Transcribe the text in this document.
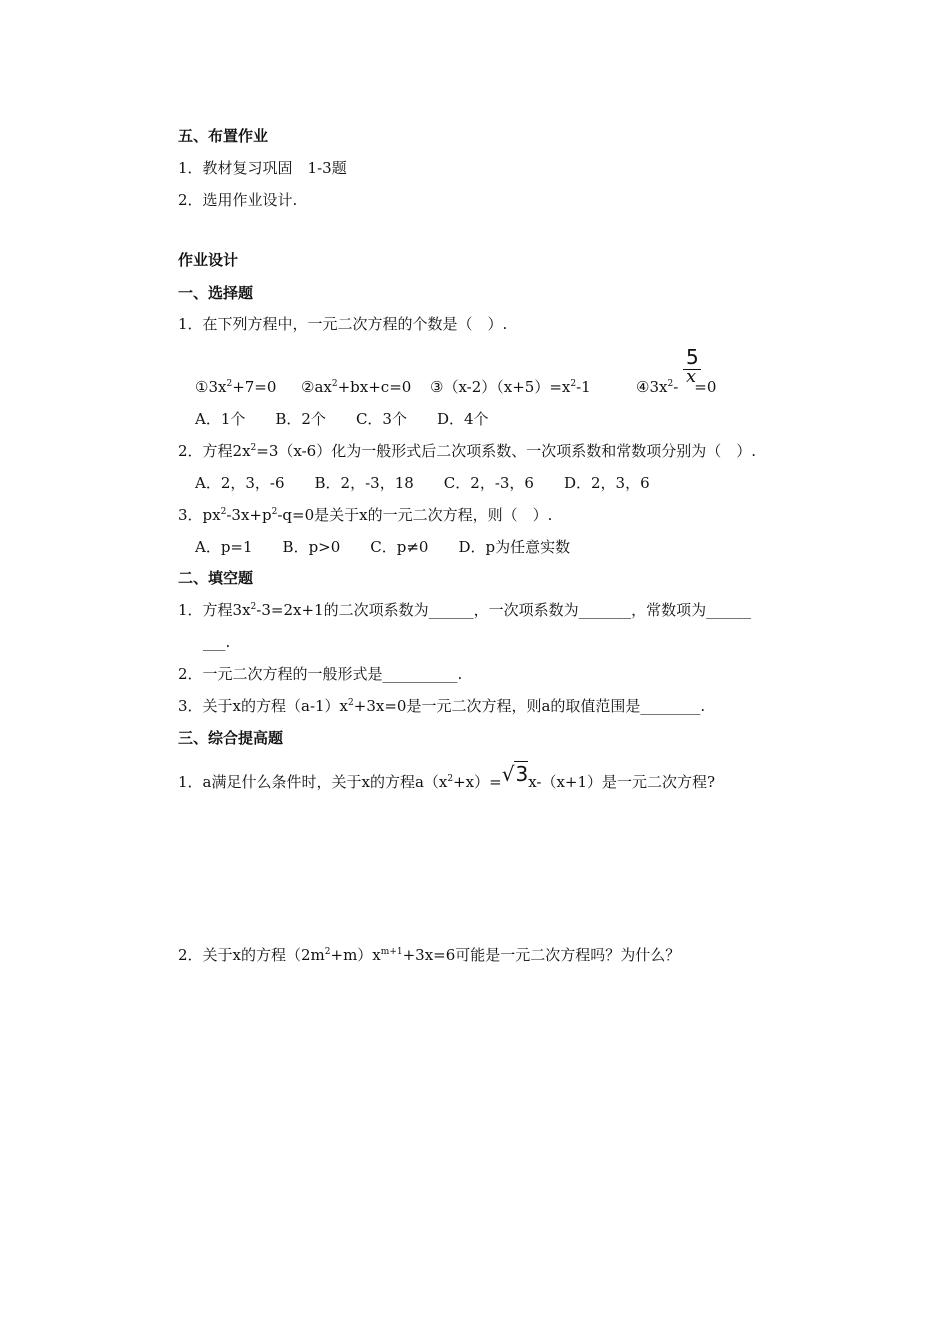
五、布置作业
1．教材复习巩固　1-3题
2．选用作业设计.
作业设计
一、选择题
1．在下列方程中，一元二次方程的个数是（　）.
$①3x^2+7=0$ $②ax^2+bx+c=0$ $③(x-2)(x+5)=x^2-1$	$④3x^2- =0$
5
x
A．1个　　B．2个　　C．3个　　D．4个
2．方程$2x^2=3(x-6)$化为一般形式后二次项系数、一次项系数和常数项分别为（　）.
A．2，3，-6　　B．2，-3，18　　C．2，-3，6　　D．2，3，6
3．$px^2-3x+p^2-q=0$是关于x的一元二次方程，则（　）.
A．p=1　　B．p>0　　C．p≠0　　D．p为任意实数
二、填空题
1．方程$3x^2-3=2x+1$的二次项系数为______，一次项系数为_______，常数项为______
___.
2．一元二次方程的一般形式是__________.
3．关于x的方程$(a-1)x^2+3x=0$是一元二次方程，则a的取值范围是________.
三、综合提高题
1．a满足什么条件时，关于x的方程$a(x^2+x)=√3x-(x+1)$是一元二次方程?
2．关于x的方程$(2m^2+m)x^{m+1}+3x=6$可能是一元二次方程吗？为什么？
